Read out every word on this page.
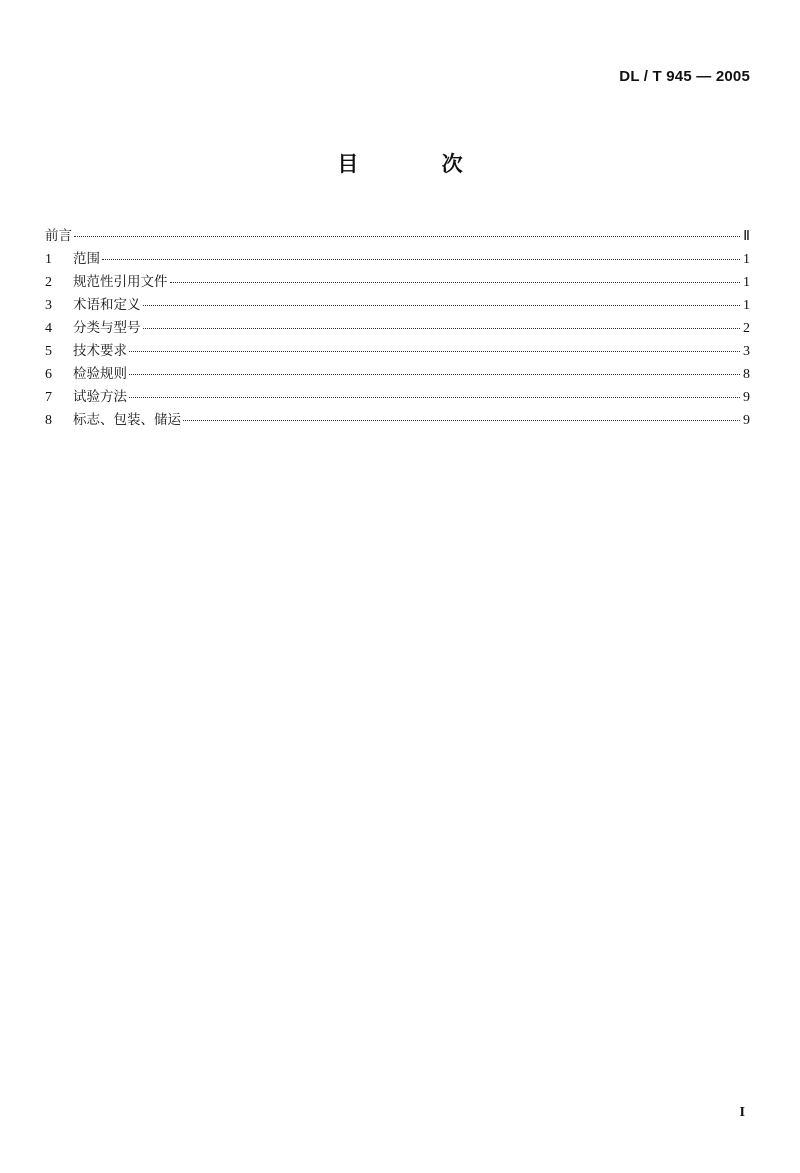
DL / T 945 — 2005
目 次
前言	Ⅱ
1	范围	1
2	规范性引用文件	1
3	术语和定义	1
4	分类与型号	2
5	技术要求	3
6	检验规则	8
7	试验方法	9
8	标志、包装、储运	9
I
